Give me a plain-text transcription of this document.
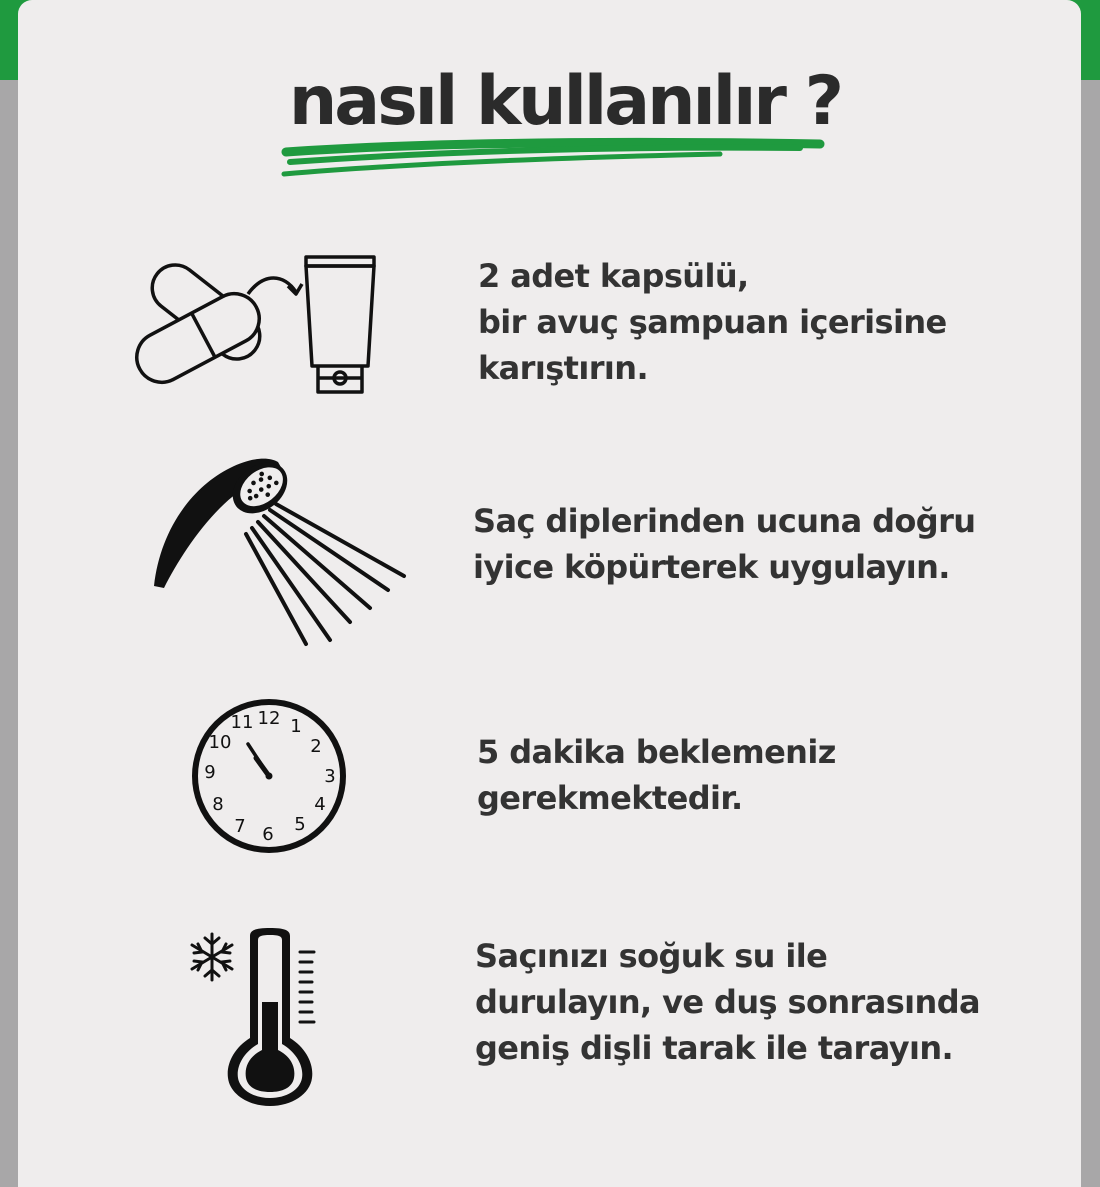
nasıl kullanılır ?
2 adet kapsülü,
bir avuç şampuan içerisine
karıştırın.
Saç diplerinden ucuna doğru
iyice köpürterek uygulayın.
12 1
2
3
4
5
6
7
8
9
10
11
5 dakika beklemeniz
gerekmektedir.
Saçınızı soğuk su ile
durulayın, ve duş sonrasında
geniş dişli tarak ile tarayın.
